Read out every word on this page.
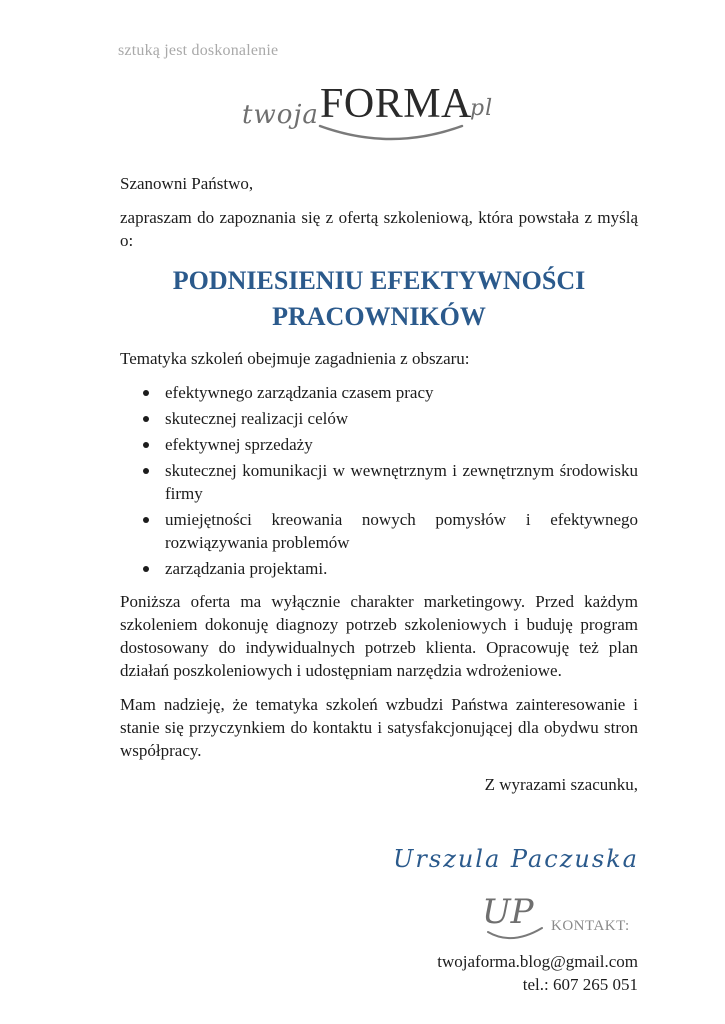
sztuką jest doskonalenie
twoja FORMA
pl

Szanowni Państwo,

zapraszam do zapoznania się z ofertą szkoleniową, która powstała z myślą o:

PODNIESIENIU EFEKTYWNOŚCI
PRACOWNIKÓW

Tematyka szkoleń obejmuje zagadnienia z obszaru:

efektywnego zarządzania czasem pracy
skutecznej realizacji celów
efektywnej sprzedaży
skutecznej komunikacji w wewnętrznym i zewnętrznym środowisku firmy
umiejętności kreowania nowych pomysłów i efektywnego rozwiązywania problemów
zarządzania projektami.

Poniższa oferta ma wyłącznie charakter marketingowy. Przed każdym szkoleniem dokonuję diagnozy potrzeb szkoleniowych i buduję program dostosowany do indywidualnych potrzeb klienta. Opracowuję też plan działań poszkoleniowych i udostępniam narzędzia wdrożeniowe.

Mam nadzieję, że tematyka szkoleń wzbudzi Państwa zainteresowanie i stanie się przyczynkiem do kontaktu i satysfakcjonującej dla obydwu stron współpracy.

Z wyrazami szacunku,

Urszula Paczuska
UP KONTAKT:
twojaforma.blog@gmail.com
tel.: 607 265 051
